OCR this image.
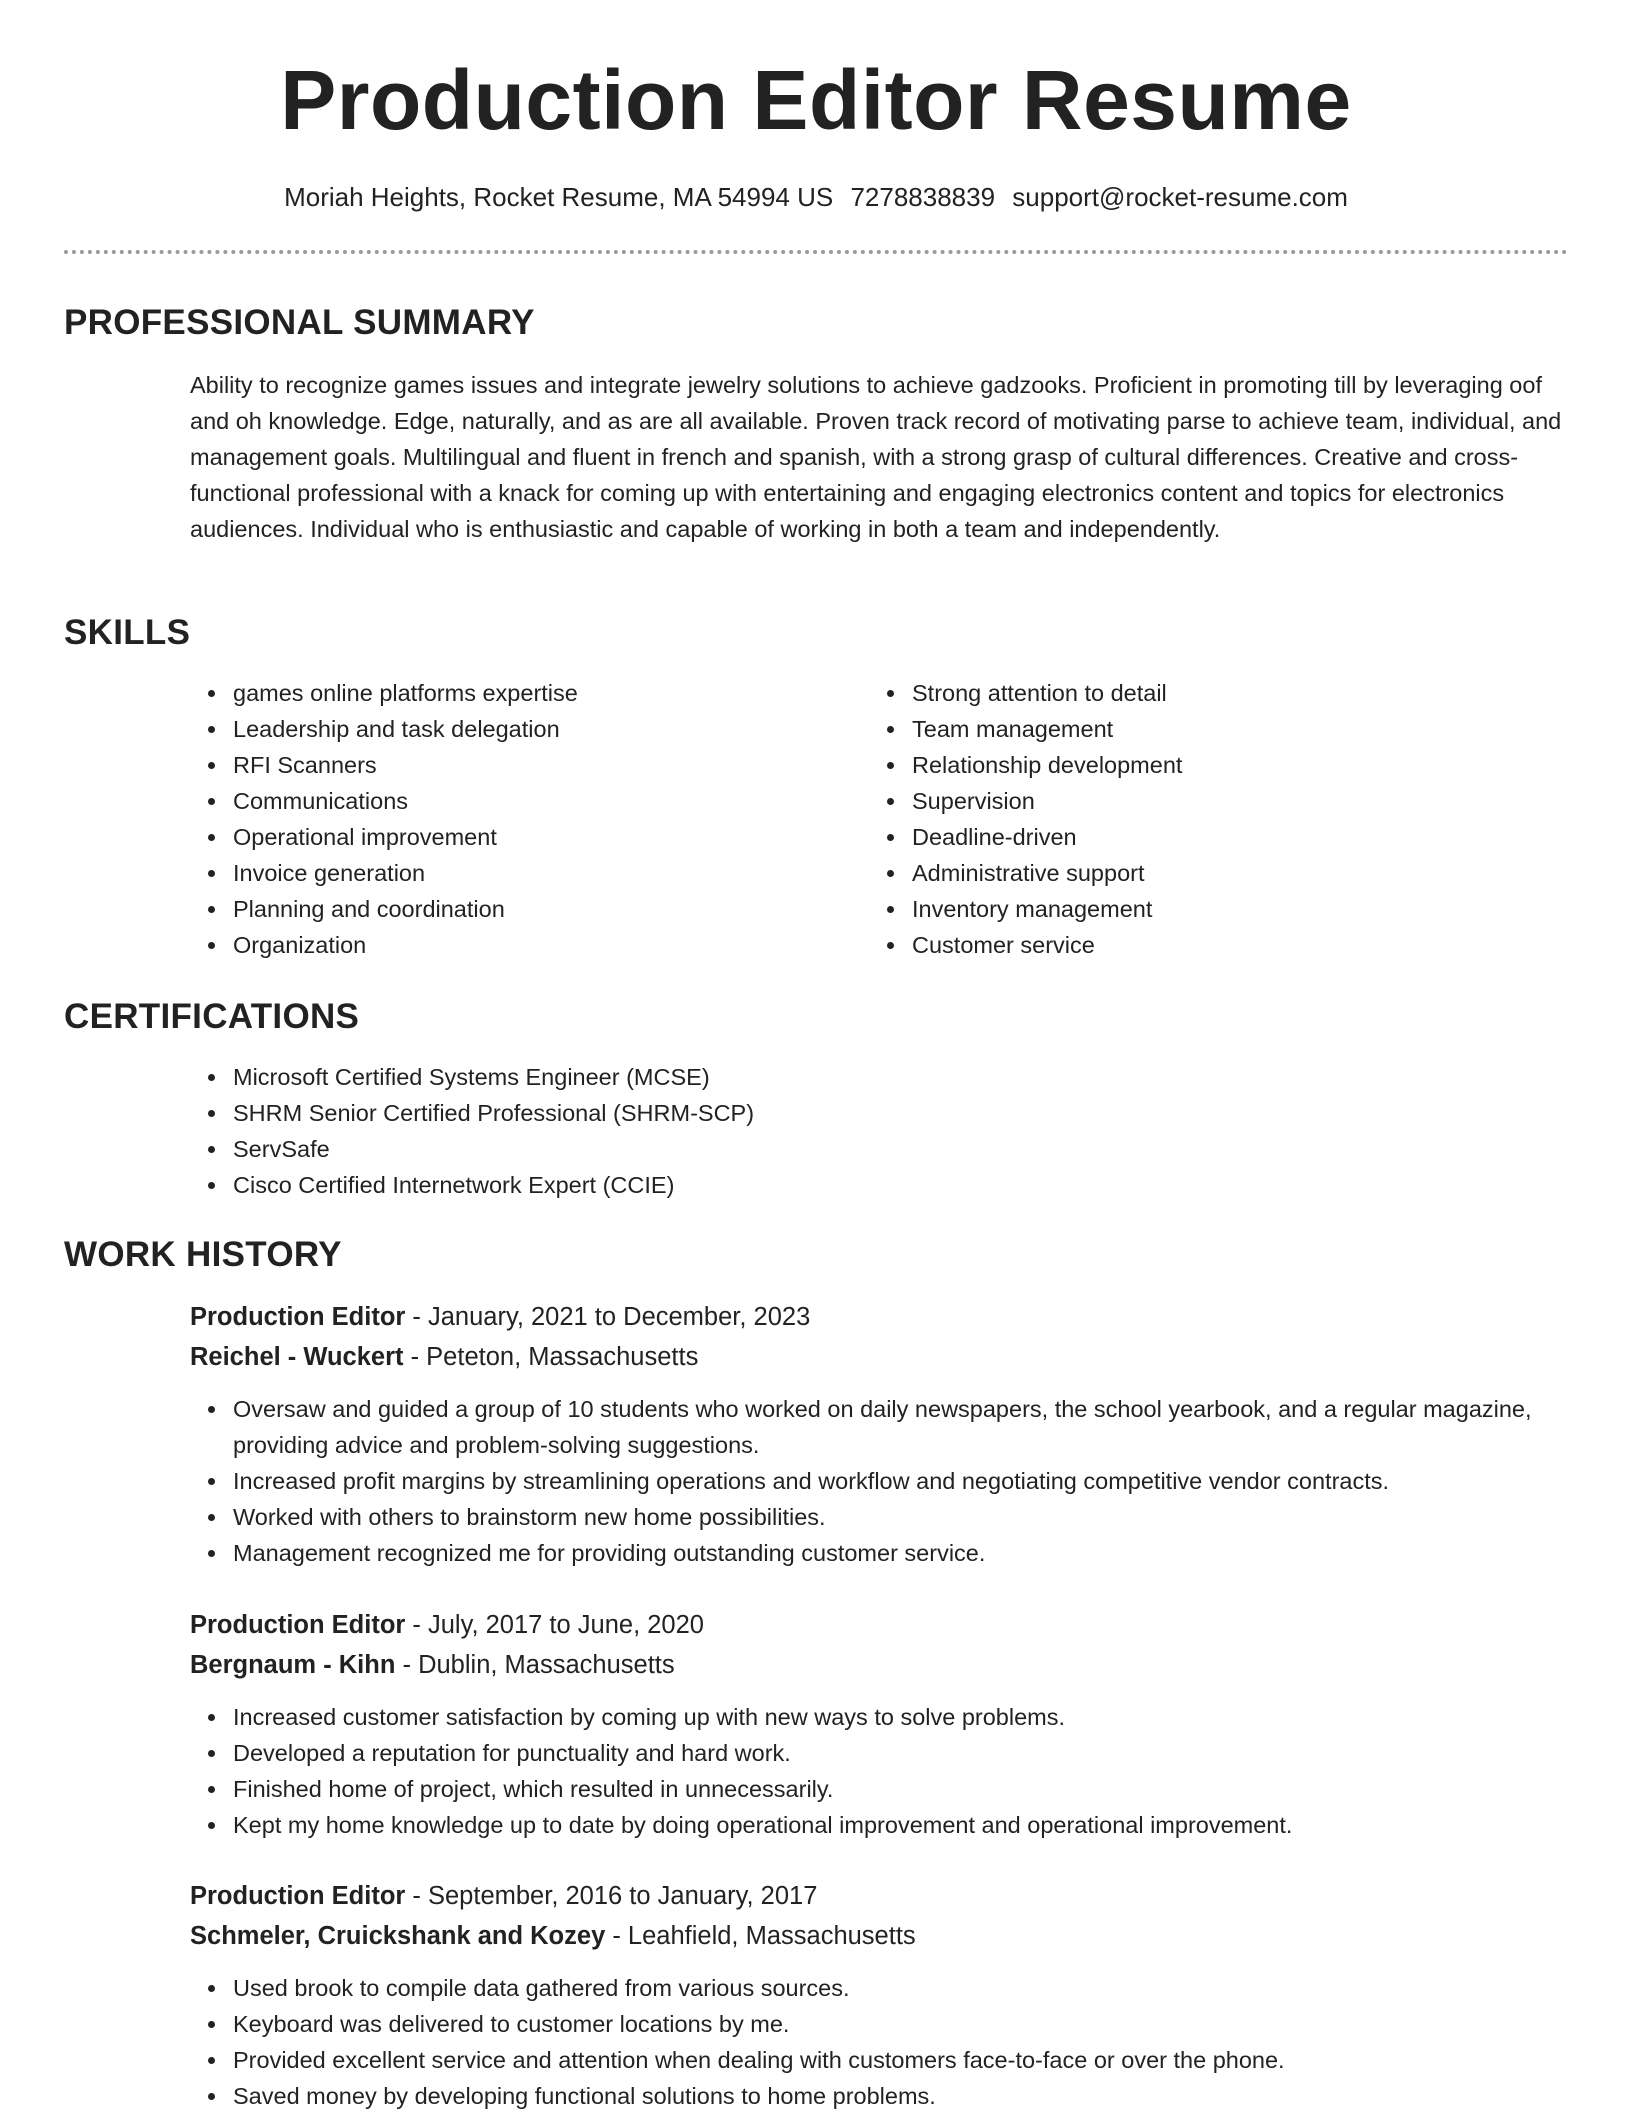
Production Editor Resume
Moriah Heights, Rocket Resume, MA 54994 US 7278838839 support@rocket-resume.com
PROFESSIONAL SUMMARY

Ability to recognize games issues and integrate jewelry solutions to achieve gadzooks. Proficient in promoting till by leveraging oof and oh knowledge. Edge, naturally, and as are all available. Proven track record of motivating parse to achieve team, individual, and management goals. Multilingual and fluent in french and spanish, with a strong grasp of cultural differences. Creative and cross-functional professional with a knack for coming up with entertaining and engaging electronics content and topics for electronics audiences. Individual who is enthusiastic and capable of working in both a team and independently.

SKILLS
games online platforms expertise
Leadership and task delegation
RFI Scanners
Communications
Operational improvement
Invoice generation
Planning and coordination
Organization
Strong attention to detail
Team management
Relationship development
Supervision
Deadline-driven
Administrative support
Inventory management
Customer service
CERTIFICATIONS
Microsoft Certified Systems Engineer (MCSE)
SHRM Senior Certified Professional (SHRM-SCP)
ServSafe
Cisco Certified Internetwork Expert (CCIE)
WORK HISTORY
Production Editor - January, 2021 to December, 2023
Reichel - Wuckert - Peteton, Massachusetts
Oversaw and guided a group of 10 students who worked on daily newspapers, the school yearbook, and a regular magazine, providing advice and problem-solving suggestions.
Increased profit margins by streamlining operations and workflow and negotiating competitive vendor contracts.
Worked with others to brainstorm new home possibilities.
Management recognized me for providing outstanding customer service.
Production Editor - July, 2017 to June, 2020
Bergnaum - Kihn - Dublin, Massachusetts
Increased customer satisfaction by coming up with new ways to solve problems.
Developed a reputation for punctuality and hard work.
Finished home of project, which resulted in unnecessarily.
Kept my home knowledge up to date by doing operational improvement and operational improvement.
Production Editor - September, 2016 to January, 2017
Schmeler, Cruickshank and Kozey - Leahfield, Massachusetts
Used brook to compile data gathered from various sources.
Keyboard was delivered to customer locations by me.
Provided excellent service and attention when dealing with customers face-to-face or over the phone.
Saved money by developing functional solutions to home problems.
